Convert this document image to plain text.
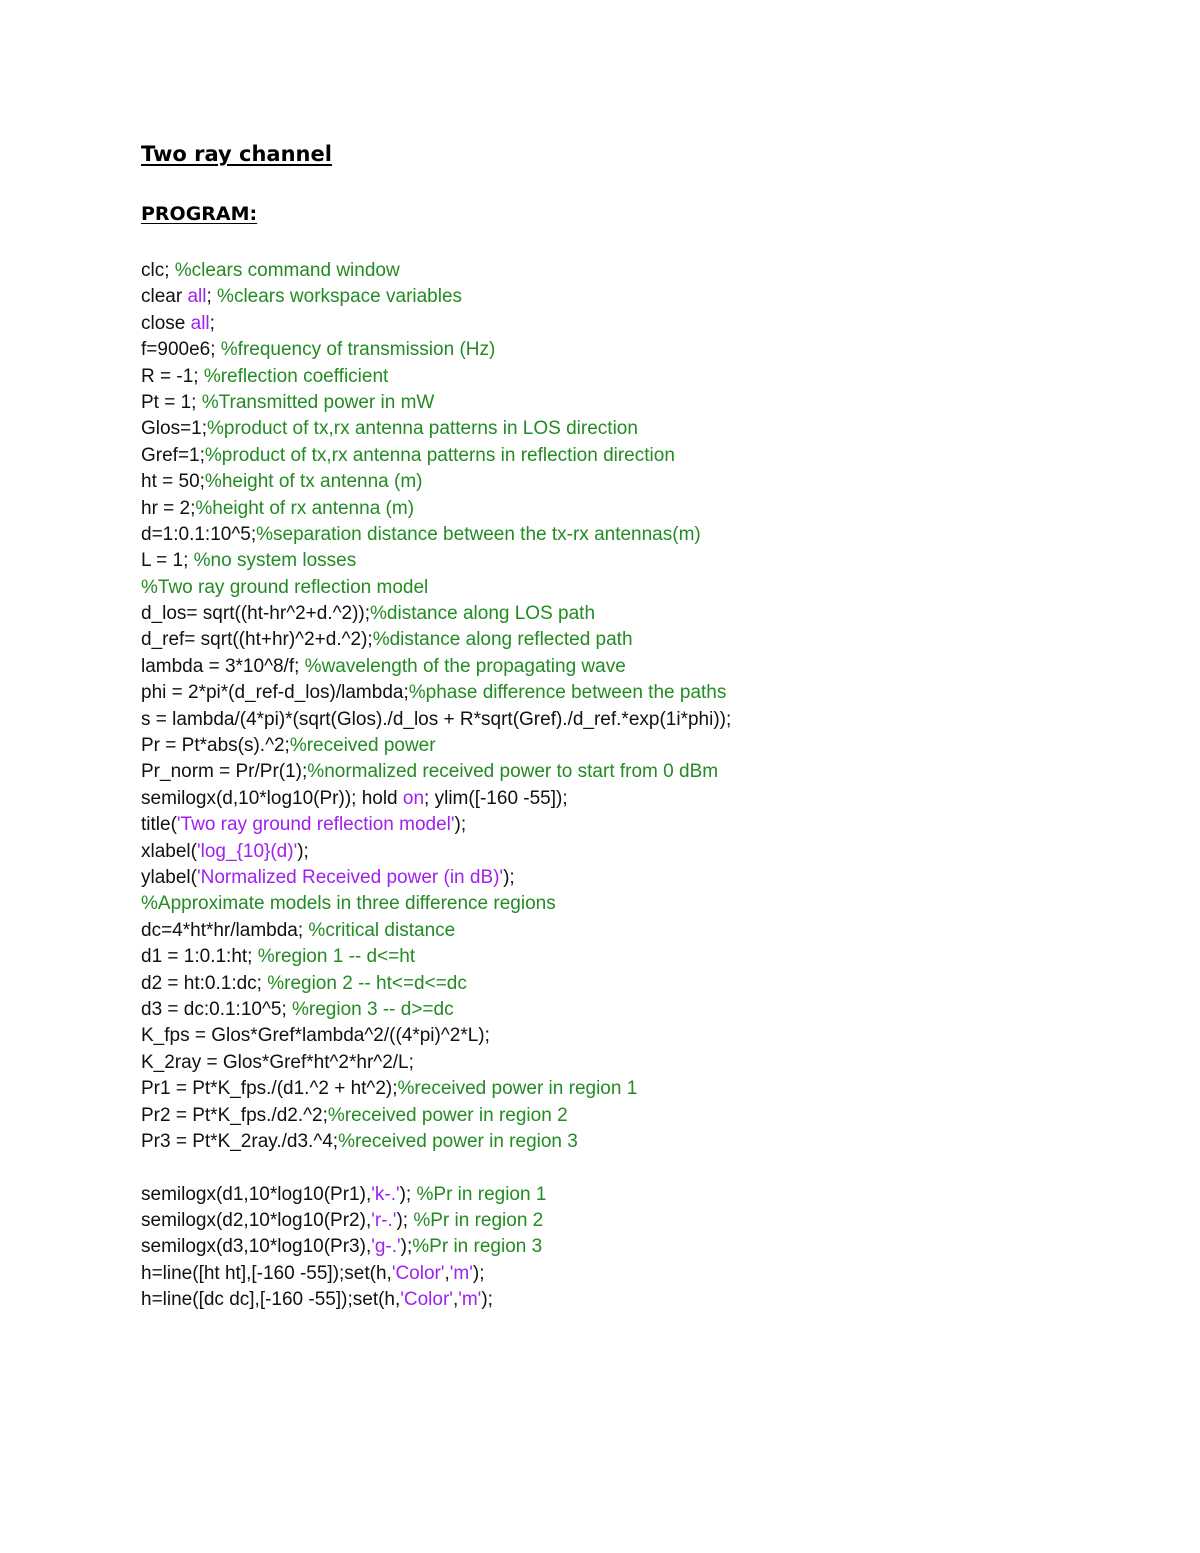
Two ray channel
PROGRAM:
clc; %clears command window
clear all; %clears workspace variables
close all;
f=900e6; %frequency of transmission (Hz)
R = -1; %reflection coefficient
Pt = 1; %Transmitted power in mW
Glos=1;%product of tx,rx antenna patterns in LOS direction
Gref=1;%product of tx,rx antenna patterns in reflection direction
ht = 50;%height of tx antenna (m)
hr = 2;%height of rx antenna (m)
d=1:0.1:10^5;%separation distance between the tx-rx antennas(m)
L = 1; %no system losses
%Two ray ground reflection model
d_los= sqrt((ht-hr^2+d.^2));%distance along LOS path
d_ref= sqrt((ht+hr)^2+d.^2);%distance along reflected path
lambda = 3*10^8/f; %wavelength of the propagating wave
phi = 2*pi*(d_ref-d_los)/lambda;%phase difference between the paths
s = lambda/(4*pi)*(sqrt(Glos)./d_los + R*sqrt(Gref)./d_ref.*exp(1i*phi));
Pr = Pt*abs(s).^2;%received power
Pr_norm = Pr/Pr(1);%normalized received power to start from 0 dBm
semilogx(d,10*log10(Pr)); hold on; ylim([-160 -55]);
title('Two ray ground reflection model');
xlabel('log_{10}(d)');
ylabel('Normalized Received power (in dB)');
%Approximate models in three difference regions
dc=4*ht*hr/lambda; %critical distance
d1 = 1:0.1:ht; %region 1 -- d<=ht
d2 = ht:0.1:dc; %region 2 -- ht<=d<=dc
d3 = dc:0.1:10^5; %region 3 -- d>=dc
K_fps = Glos*Gref*lambda^2/((4*pi)^2*L);
K_2ray = Glos*Gref*ht^2*hr^2/L;
Pr1 = Pt*K_fps./(d1.^2 + ht^2);%received power in region 1
Pr2 = Pt*K_fps./d2.^2;%received power in region 2
Pr3 = Pt*K_2ray./d3.^4;%received power in region 3
semilogx(d1,10*log10(Pr1),'k-.'); %Pr in region 1
semilogx(d2,10*log10(Pr2),'r-.'); %Pr in region 2
semilogx(d3,10*log10(Pr3),'g-.');%Pr in region 3
h=line([ht ht],[-160 -55]);set(h,'Color','m');
h=line([dc dc],[-160 -55]);set(h,'Color','m');
